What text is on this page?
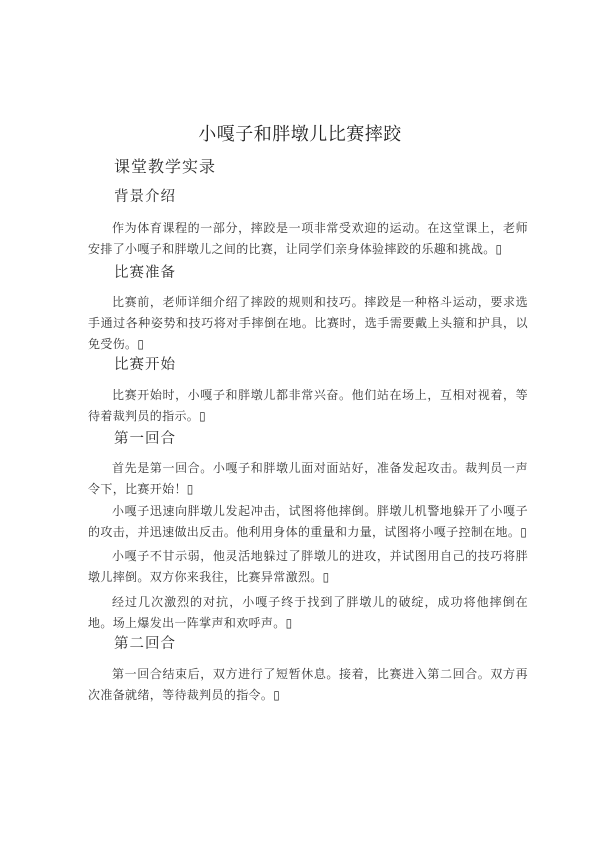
小嘎子和胖墩儿比赛摔跤
课堂教学实录
背景介绍

作为体育课程的一部分，摔跤是一项非常受欢迎的运动。在这堂课上，老师安排了小嘎子和胖墩儿之间的比赛，让同学们亲身体验摔跤的乐趣和挑战。▯

比赛准备

比赛前，老师详细介绍了摔跤的规则和技巧。摔跤是一种格斗运动，要求选手通过各种姿势和技巧将对手摔倒在地。比赛时，选手需要戴上头箍和护具，以免受伤。▯

比赛开始

比赛开始时，小嘎子和胖墩儿都非常兴奋。他们站在场上，互相对视着，等待着裁判员的指示。▯

第一回合

首先是第一回合。小嘎子和胖墩儿面对面站好，准备发起攻击。裁判员一声令下，比赛开始！▯

小嘎子迅速向胖墩儿发起冲击，试图将他摔倒。胖墩儿机警地躲开了小嘎子的攻击，并迅速做出反击。他利用身体的重量和力量，试图将小嘎子控制在地。▯

小嘎子不甘示弱，他灵活地躲过了胖墩儿的进攻，并试图用自己的技巧将胖墩儿摔倒。双方你来我往，比赛异常激烈。▯

经过几次激烈的对抗，小嘎子终于找到了胖墩儿的破绽，成功将他摔倒在地。场上爆发出一阵掌声和欢呼声。▯

第二回合

第一回合结束后，双方进行了短暂休息。接着，比赛进入第二回合。双方再次准备就绪，等待裁判员的指令。▯
